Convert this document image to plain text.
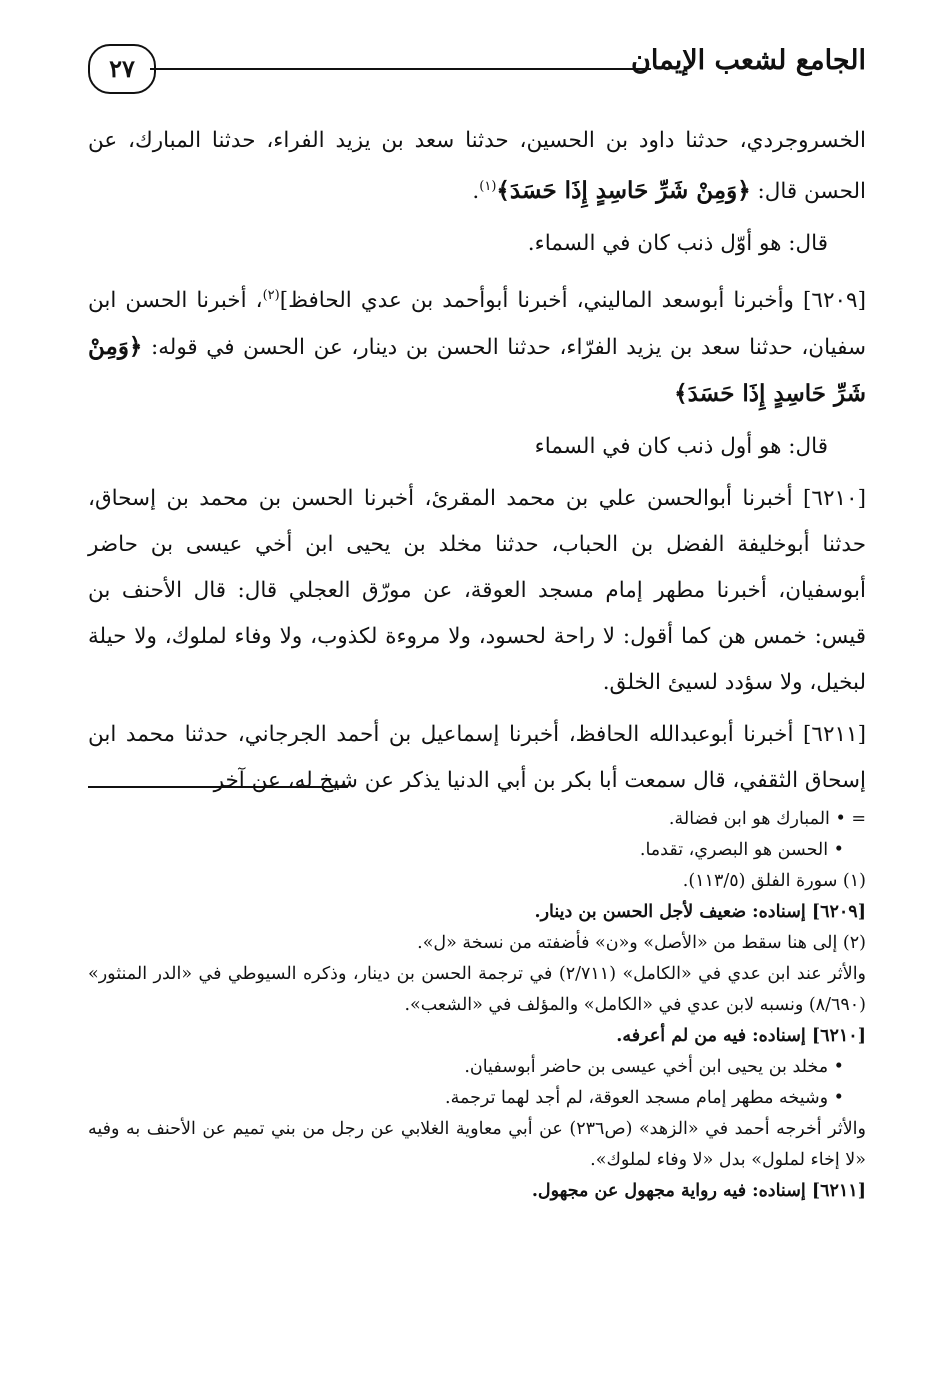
الجامع لشعب الإيمان
٢٧

الخسروجردي، حدثنا داود بن الحسين، حدثنا سعد بن يزيد الفراء، حدثنا المبارك، عن الحسن قال: ﴿وَمِنْ شَرِّ حَاسِدٍ إِذَا حَسَدَ﴾$^{(١)}$.

قال: هو أوّل ذنب كان في السماء.

[٦٢٠٩] وأخبرنا أبوسعد الماليني، أخبرنا أبوأحمد بن عدي الحافظ]$^{(٢)}$، أخبرنا الحسن ابن سفيان، حدثنا سعد بن يزيد الفرّاء، حدثنا الحسن بن دينار، عن الحسن في قوله: ﴿وَمِنْ شَرِّ حَاسِدٍ إِذَا حَسَدَ﴾

قال: هو أول ذنب كان في السماء

[٦٢١٠] أخبرنا أبوالحسن علي بن محمد المقرئ، أخبرنا الحسن بن محمد بن إسحاق، حدثنا أبوخليفة الفضل بن الحباب، حدثنا مخلد بن يحيى ابن أخي عيسى بن حاضر أبوسفيان، أخبرنا مطهر إمام مسجد العوقة، عن مورّق العجلي قال: قال الأحنف بن قيس: خمس هن كما أقول: لا راحة لحسود، ولا مروءة لكذوب، ولا وفاء لملوك، ولا حيلة لبخيل، ولا سؤدد لسيئ الخلق.

[٦٢١١] أخبرنا أبوعبدالله الحافظ، أخبرنا إسماعيل بن أحمد الجرجاني، حدثنا محمد ابن إسحاق الثقفي، قال سمعت أبا بكر بن أبي الدنيا يذكر عن شيخ له، عن آخر

= • المبارك هو ابن فضالة.

• الحسن هو البصري، تقدما.

(١) سورة الفلق (١١٣/٥).

[٦٢٠٩] إسناده: ضعيف لأجل الحسن بن دينار.

(٢) إلى هنا سقط من «الأصل» و«ن» فأضفته من نسخة «ل».

والأثر عند ابن عدي في «الكامل» (٢/٧١١) في ترجمة الحسن بن دينار، وذكره السيوطي في «الدر المنثور» (٨/٦٩٠) ونسبه لابن عدي في «الكامل» والمؤلف في «الشعب».

[٦٢١٠] إسناده: فيه من لم أعرفه.

• مخلد بن يحيى ابن أخي عيسى بن حاضر أبوسفيان.

• وشيخه مطهر إمام مسجد العوقة، لم أجد لهما ترجمة.

والأثر أخرجه أحمد في «الزهد» (ص٢٣٦) عن أبي معاوية الغلابي عن رجل من بني تميم عن الأحنف به وفيه «لا إخاء لملول» بدل «لا وفاء لملوك».

[٦٢١١] إسناده: فيه رواية مجهول عن مجهول.
